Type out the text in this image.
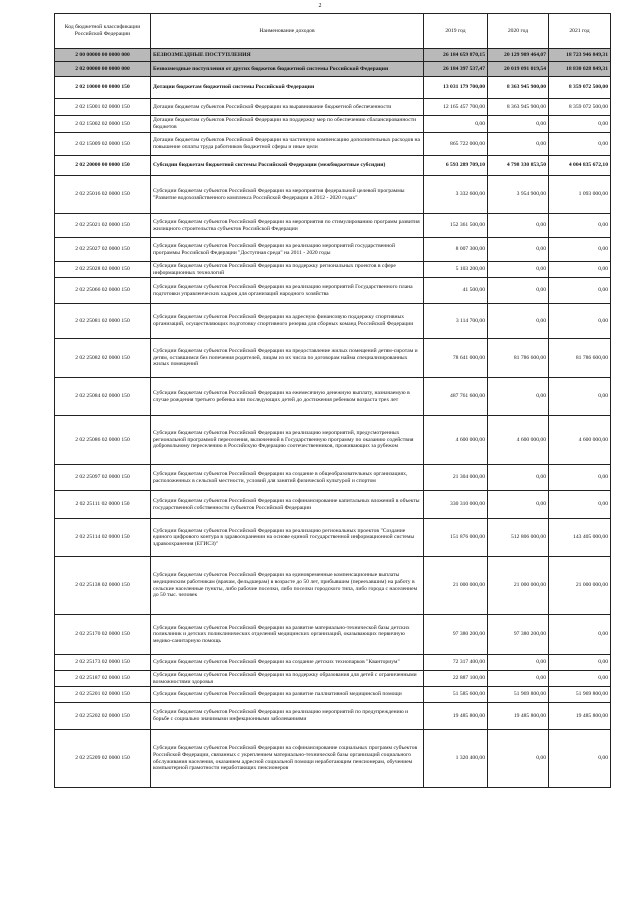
2
Код бюджетной классификации Российской Федерации	Наименование доходов	2019 год	2020 год	2021 год
2 00 00000 00 0000 000	БЕЗВОЗМЕЗДНЫЕ ПОСТУПЛЕНИЯ	26 184 659 870,15	20 129 909 464,07	18 723 946 849,31
2 02 00000 00 0000 000	Безвозмездные поступления от других бюджетов бюджетной системы Российской Федерации	26 184 397 537,47	20 019 091 019,54	18 830 028 849,31
2 02 10000 00 0000 150	Дотации бюджетам бюджетной системы Российской Федерации	13 031 179 700,00	8 363 945 900,00	8 359 072 500,00
2 02 15001 02 0000 150	Дотации бюджетам субъектов Российской Федерации на выравнивание бюджетной обеспеченности	12 165 457 700,00	8 363 945 900,00	8 359 072 500,00
2 02 15002 02 0000 150	Дотации бюджетам субъектов Российской Федерации на поддержку мер по обеспечению сбалансированности бюджетов	0,00	0,00	0,00
2 02 15009 02 0000 150	Дотации бюджетам субъектов Российской Федерации на частичную компенсацию дополнительных расходов на повышение оплаты труда работников бюджетной сферы и иные цели	865 722 000,00	0,00	0,00
2 02 20000 00 0000 150	Субсидии бюджетам бюджетной системы Российской Федерации (межбюджетные субсидии)	6 593 289 709,10	4 798 330 853,50	4 004 835 672,10
2 02 25016 02 0000 150	Субсидии бюджетам субъектов Российской Федерации на мероприятия федеральной целевой программы "Развитие водохозяйственного комплекса Российской Федерации в 2012 - 2020 годах"	3 332 600,00	3 954 900,00	1 093 000,00
2 02 25021 02 0000 150	Субсидии бюджетам субъектов Российской Федерации на мероприятия по стимулированию программ развития жилищного строительства субъектов Российской Федерации	152 361 500,00	0,00	0,00
2 02 25027 02 0000 150	Субсидии бюджетам субъектов Российской Федерации на реализацию мероприятий государственной программы Российской Федерации "Доступная среда" на 2011 - 2020 годы	8 007 300,00	0,00	0,00
2 02 25028 02 0000 150	Субсидии бюджетам субъектов Российской Федерации на поддержку региональных проектов в сфере информационных технологий	5 103 200,00	0,00	0,00
2 02 25066 02 0000 150	Субсидии бюджетам субъектов Российской Федерации на реализацию мероприятий Государственного плана подготовки управленческих кадров для организаций народного хозяйства	41 500,00	0,00	0,00
2 02 25081 02 0000 150	Субсидии бюджетам субъектов Российской Федерации на адресную финансовую поддержку спортивных организаций, осуществляющих подготовку спортивного резерва для сборных команд Российской Федерации	3 114 700,00	0,00	0,00
2 02 25082 02 0000 150	Субсидии бюджетам субъектов Российской Федерации на предоставление жилых помещений детям-сиротам и детям, оставшимся без попечения родителей, лицам из их числа по договорам найма специализированных жилых помещений	78 641 000,00	81 786 600,00	81 786 600,00
2 02 25084 02 0000 150	Субсидии бюджетам субъектов Российской Федерации на ежемесячную денежную выплату, назначаемую в случае рождения третьего ребенка или последующих детей до достижения ребенком возраста трех лет	487 761 600,00	0,00	0,00
2 02 25086 02 0000 150	Субсидии бюджетам субъектов Российской Федерации на реализацию мероприятий, предусмотренных региональной программой переселения, включенной в Государственную программу по оказанию содействия добровольному переселению в Российскую Федерацию соотечественников, проживающих за рубежом	4 600 000,00	4 600 000,00	4 600 000,00
2 02 25097 02 0000 150	Субсидии бюджетам субъектов Российской Федерации на создание в общеобразовательных организациях, расположенных в сельской местности, условий для занятий физической культурой и спортом	21 304 000,00	0,00	0,00
2 02 25111 02 0000 150	Субсидии бюджетам субъектов Российской Федерации на софинансирование капитальных вложений в объекты государственной собственности субъектов Российской Федерации	330 310 000,00	0,00	0,00
2 02 25114 02 0000 150	Субсидии бюджетам субъектов Российской Федерации на реализацию региональных проектов "Создание единого цифрового контура в здравоохранении на основе единой государственной информационной системы здравоохранения (ЕГИСЗ)"	151 876 000,00	512 806 000,00	143 405 000,00
2 02 25138 02 0000 150	Субсидии бюджетам субъектов Российской Федерации на единовременные компенсационные выплаты медицинским работникам (врачам, фельдшерам) в возрасте до 50 лет, прибывшим (переехавшим) на работу в сельские населенные пункты, либо рабочие поселки, либо поселки городского типа, либо города с населением до 50 тыс. человек	21 000 000,00	21 000 000,00	21 000 000,00
2 02 25170 02 0000 150	Субсидии бюджетам субъектов Российской Федерации на развитие материально-технической базы детских поликлиник и детских поликлинических отделений медицинских организаций, оказывающих первичную медико-санитарную помощь	97 380 200,00	97 380 200,00	0,00
2 02 25173 02 0000 150	Субсидии бюджетам субъектов Российской Федерации на создание детских технопарков "Кванториум"	72 317 400,00	0,00	0,00
2 02 25187 02 0000 150	Субсидии бюджетам субъектов Российской Федерации на поддержку образования для детей с ограниченными возможностями здоровья	22 887 100,00	0,00	0,00
2 02 25201 02 0000 150	Субсидии бюджетам субъектов Российской Федерации на развитие паллиативной медицинской помощи	51 585 600,00	51 969 800,00	51 969 800,00
2 02 25202 02 0000 150	Субсидии бюджетам субъектов Российской Федерации на реализацию мероприятий по предупреждению и борьбе с социально значимыми инфекционными заболеваниями	19 485 800,00	19 485 800,00	19 485 800,00
2 02 25209 02 0000 150	Субсидии бюджетам субъектов Российской Федерации на софинансирование социальных программ субъектов Российской Федерации, связанных с укреплением материально-технической базы организаций социального обслуживания населения, оказанием адресной социальной помощи неработающим пенсионерам, обучением компьютерной грамотности неработающих пенсионеров	1 320 400,00	0,00	0,00
